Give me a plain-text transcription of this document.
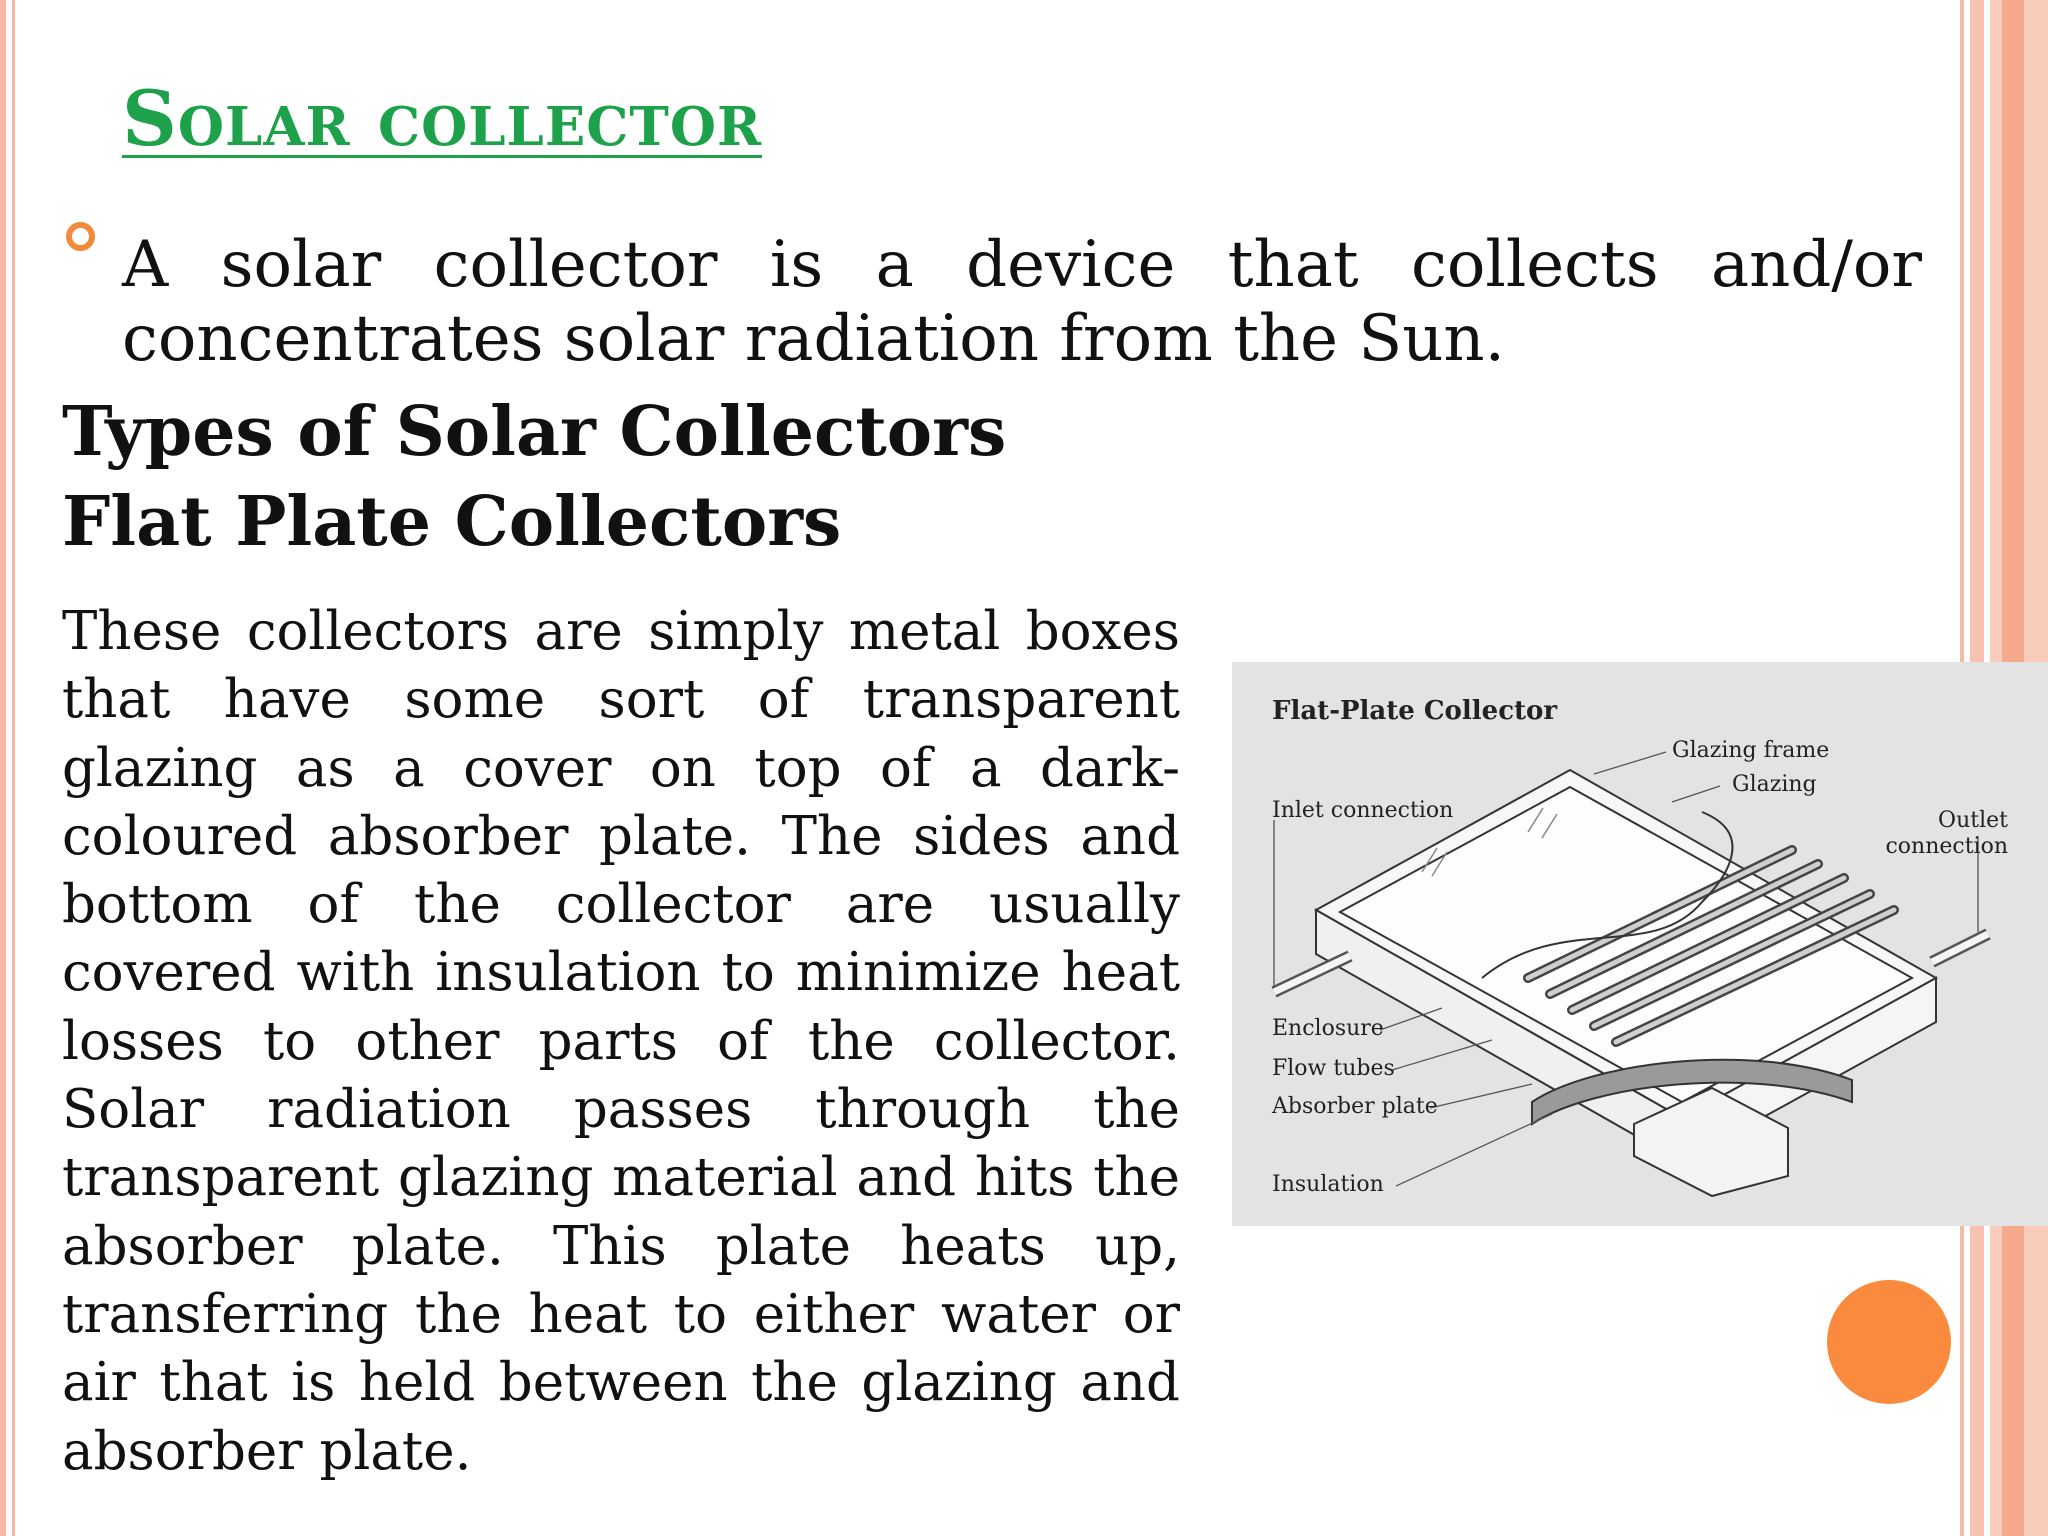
Solar collector

A solar collector is a device that collects and/or concentrates solar radiation from the Sun.

Types of Solar Collectors
Flat Plate Collectors

These collectors are simply metal boxes that have some sort of transparent glazing as a cover on top of a dark-coloured absorber plate. The sides and bottom of the collector are usually covered with insulation to minimize heat losses to other parts of the collector. Solar radiation passes through the transparent glazing material and hits the absorber plate. This plate heats up, transferring the heat to either water or air that is held between the glazing and absorber plate.

Flat-Plate Collector
Glazing frame
Glazing
Inlet connection	Outlet
connection
Enclosure
Flow tubes
Absorber plate
Insulation
